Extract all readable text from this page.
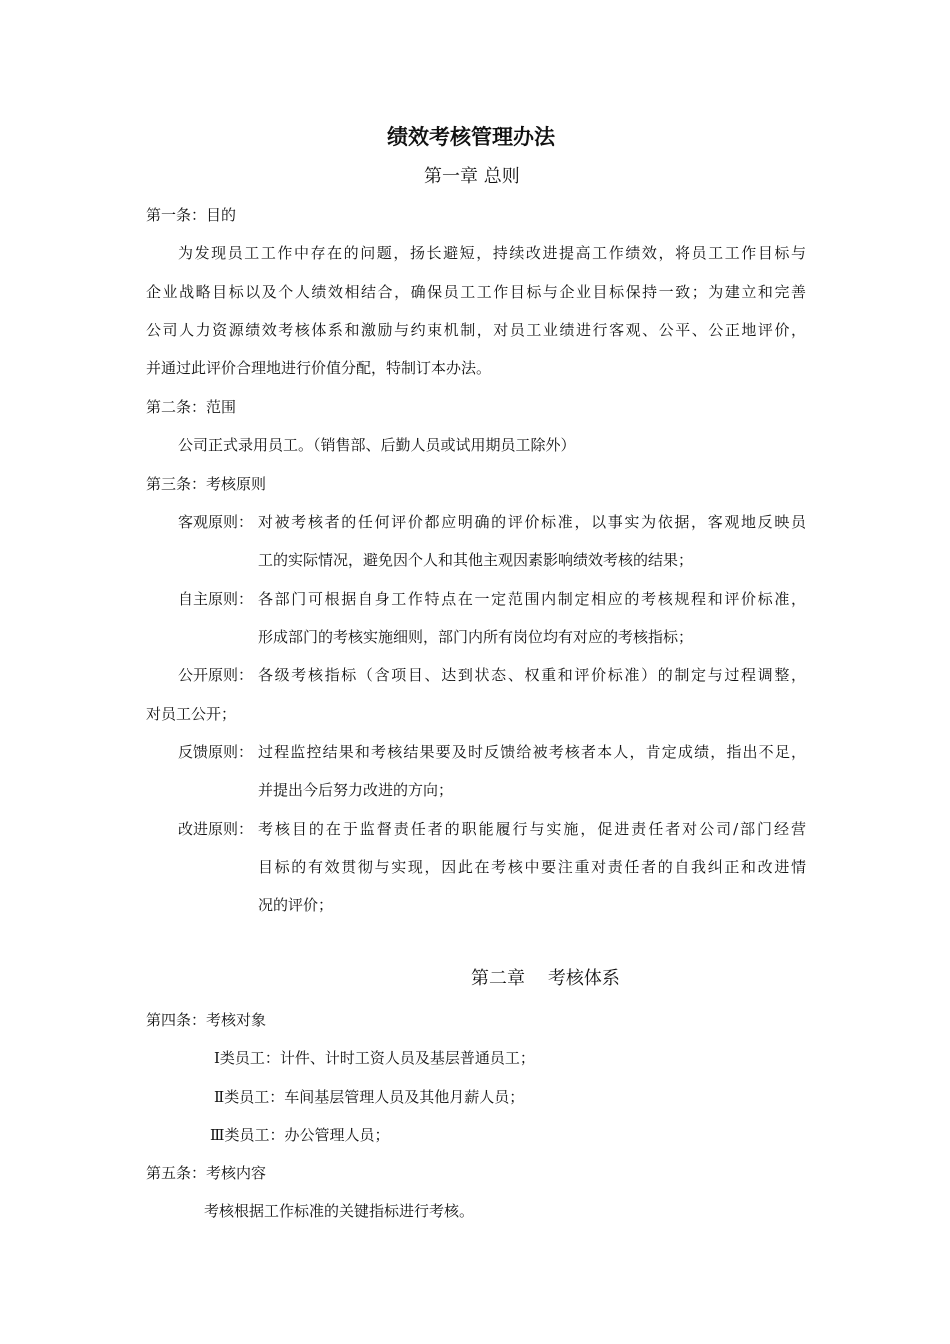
绩效考核管理办法
第一章 总则

第一条：目的

为发现员工工作中存在的问题，扬长避短，持续改进提高工作绩效，将员工工作目标与

企业战略目标以及个人绩效相结合，确保员工工作目标与企业目标保持一致；为建立和完善

公司人力资源绩效考核体系和激励与约束机制，对员工业绩进行客观、公平、公正地评价，

并通过此评价合理地进行价值分配，特制订本办法。

第二条：范围

公司正式录用员工。（销售部、后勤人员或试用期员工除外）

第三条：考核原则

客观原则： 对被考核者的任何评价都应明确的评价标准，以事实为依据，客观地反映员

工的实际情况，避免因个人和其他主观因素影响绩效考核的结果；

自主原则： 各部门可根据自身工作特点在一定范围内制定相应的考核规程和评价标准，

形成部门的考核实施细则，部门内所有岗位均有对应的考核指标；

公开原则： 各级考核指标（含项目、达到状态、权重和评价标准）的制定与过程调整，

对员工公开；

反馈原则： 过程监控结果和考核结果要及时反馈给被考核者本人，肯定成绩，指出不足，

并提出今后努力改进的方向；

改进原则： 考核目的在于监督责任者的职能履行与实施，促进责任者对公司/部门经营

目标的有效贯彻与实现，因此在考核中要注重对责任者的自我纠正和改进情

况的评价；

第二章    考核体系

第四条：考核对象

Ⅰ类员工：计件、计时工资人员及基层普通员工；

Ⅱ类员工：车间基层管理人员及其他月薪人员；

Ⅲ类员工：办公管理人员；

第五条：考核内容

考核根据工作标准的关键指标进行考核。
